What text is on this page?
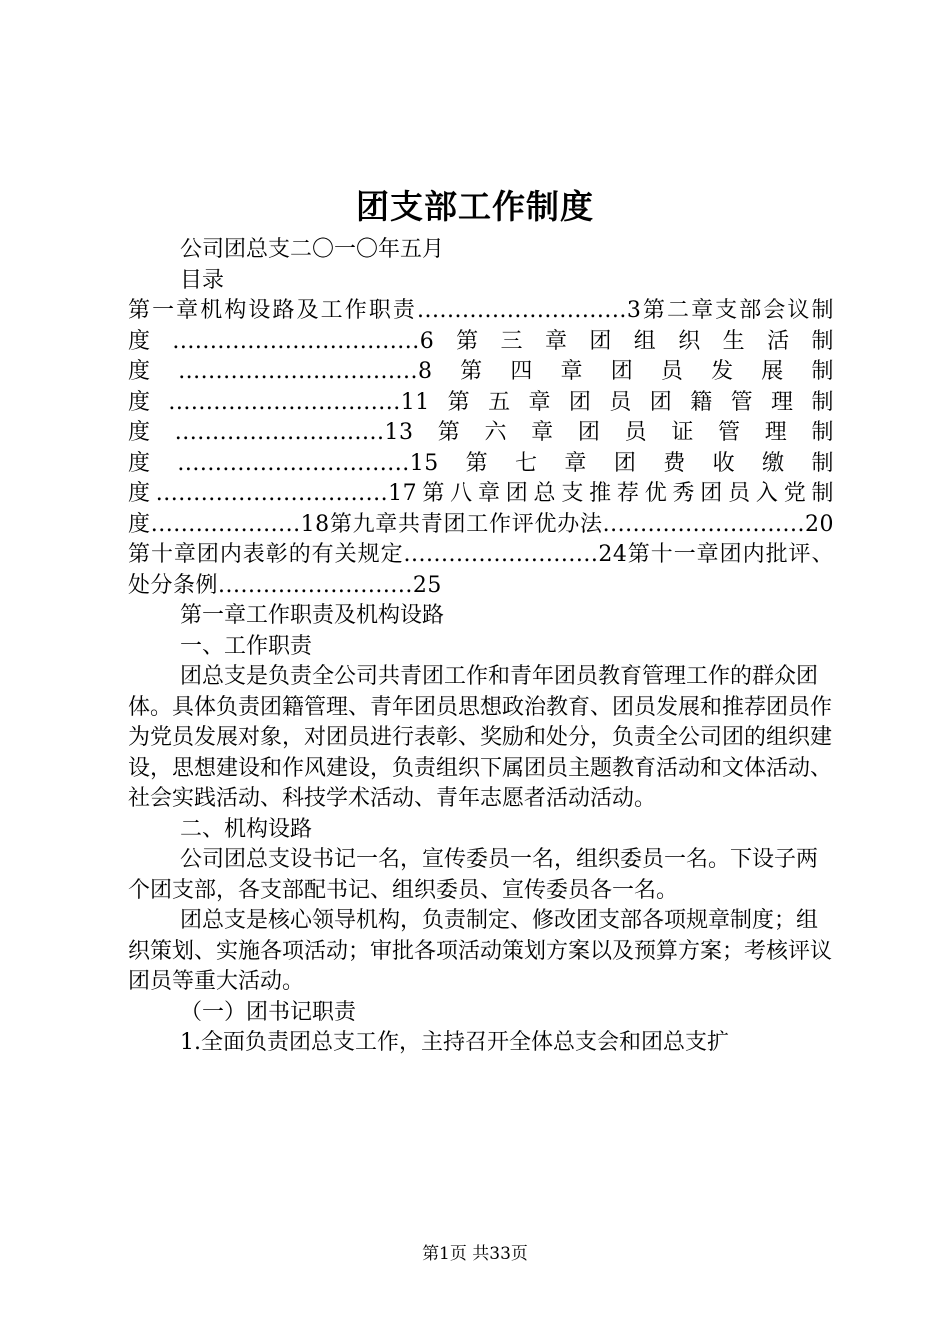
团支部工作制度

公司团总支二〇一〇年五月

目录

第一章机构设路及工作职责............................3第二章支部会议制度.................................6第三章团组织生活制度................................8第四章团员发展制度...............................11第五章团员团籍管理制度............................13第六章团员证管理制度...............................15第七章团费收缴制度...............................17第八章团总支推荐优秀团员入党制度....................18第九章共青团工作评优办法...........................20第十章团内表彰的有关规定..........................24第十一章团内批评、处分条例..........................25

第一章工作职责及机构设路

一、工作职责

团总支是负责全公司共青团工作和青年团员教育管理工作的群众团体。具体负责团籍管理、青年团员思想政治教育、团员发展和推荐团员作为党员发展对象，对团员进行表彰、奖励和处分，负责全公司团的组织建设，思想建设和作风建设，负责组织下属团员主题教育活动和文体活动、社会实践活动、科技学术活动、青年志愿者活动活动。

二、机构设路

公司团总支设书记一名，宣传委员一名，组织委员一名。下设子两个团支部，各支部配书记、组织委员、宣传委员各一名。

团总支是核心领导机构，负责制定、修改团支部各项规章制度；组织策划、实施各项活动；审批各项活动策划方案以及预算方案；考核评议团员等重大活动。

（一）团书记职责

1.全面负责团总支工作，主持召开全体总支会和团总支扩

第1页 共33页
